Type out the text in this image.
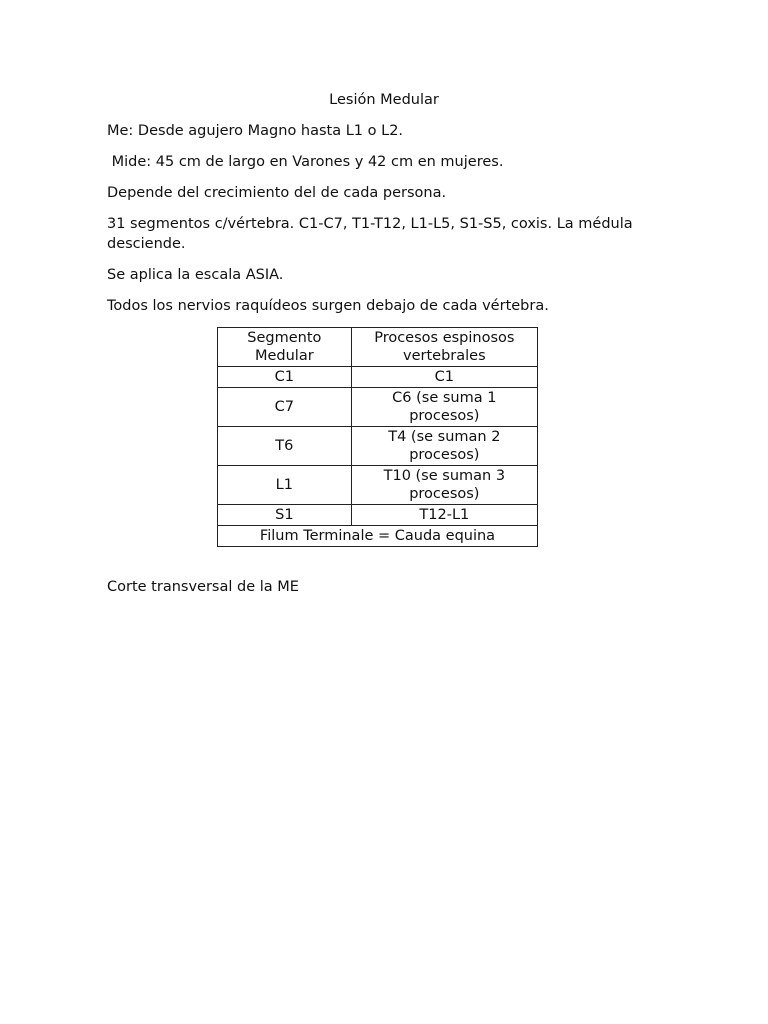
Lesión Medular

Me: Desde agujero Magno hasta L1 o L2.

Mide: 45 cm de largo en Varones y 42 cm en mujeres.

Depende del crecimiento del de cada persona.

31 segmentos c/vértebra. C1-C7, T1-T12, L1-L5, S1-S5, coxis. La médula desciende.

Se aplica la escala ASIA.

Todos los nervios raquídeos surgen debajo de cada vértebra.

Segmento Medular	Procesos espinosos vertebrales
C1	C1
C7	C6 (se suma 1 procesos)
T6	T4 (se suman 2 procesos)
L1	T10 (se suman 3 procesos)
S1	T12-L1
Filum Terminale = Cauda equina	

Corte transversal de la ME
